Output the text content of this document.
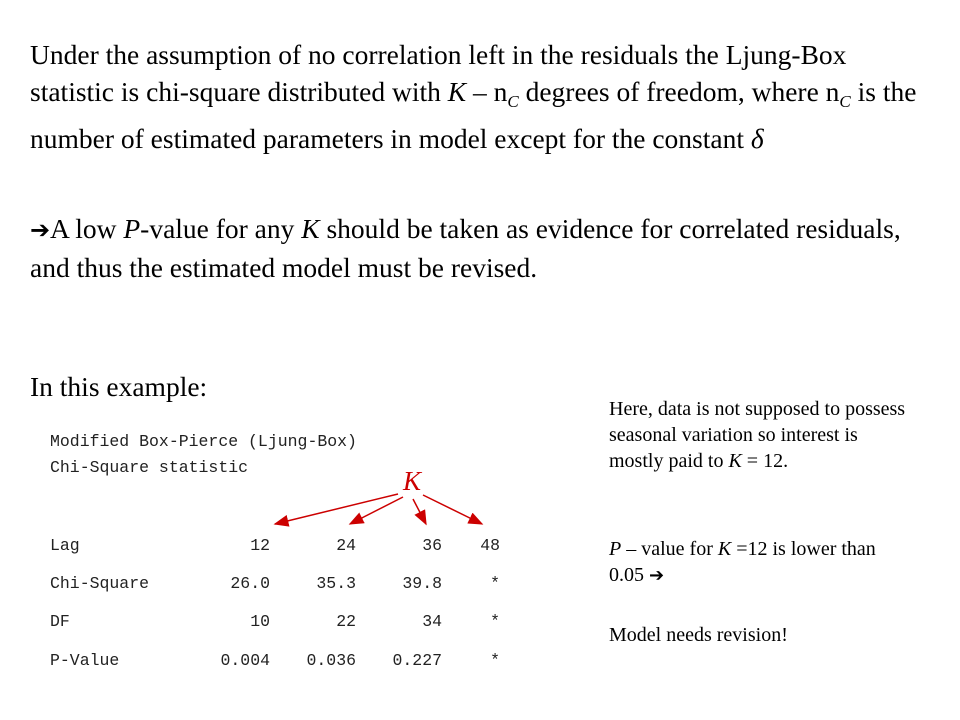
Under the assumption of no correlation left in the residuals the Ljung-Box statistic is chi-square distributed with K – $n_C$ degrees of freedom, where $n_C$ is the number of estimated parameters in model except for the constant δ
➔A low P-value for any K should be taken as evidence for correlated residuals, and thus the estimated model must be revised.
In this example:
Modified Box-Pierce (Ljung-Box)
Chi-Square statistic	K
Lag	12	24	36	48
Chi-Square	26.0	35.3	39.8	*
DF	10	22	34	*
P-Value	0.004	0.036	0.227	*
Here, data is not supposed to possess seasonal variation so interest is mostly paid to K = 12.
P – value for K =12 is lower than 0.05 ➔
Model needs revision!
